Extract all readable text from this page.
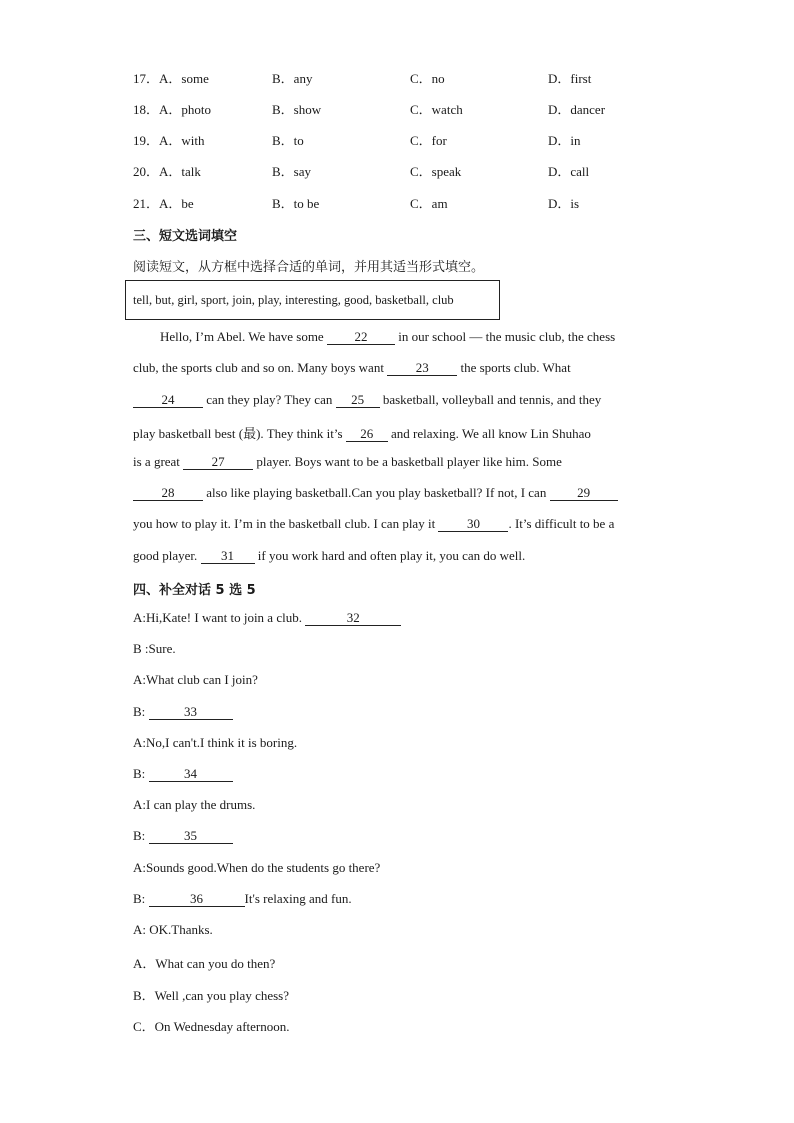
17．A．some	B．any	C．no	D．first
18．A．photo	B．show	C．watch	D．dancer
19．A．with	B．to	C．for	D．in
20．A．talk	B．say	C．speak	D．call
21．A．be	B．to be	C．am	D．is
三、短文选词填空
阅读短文，从方框中选择合适的单词，并用其适当形式填空。
tell, but, girl, sport, join, play, interesting, good, basketball, club
Hello, I’m Abel. We have some 22 in our school — the music club, the chess
club, the sports club and so on. Many boys want 23 the sports club. What
24 can they play? They can 25 basketball, volleyball and tennis, and they
play basketball best (最). They think it’s 26 and relaxing. We all know Lin Shuhao
is a great 27 player. Boys want to be a basketball player like him. Some
28 also like playing basketball.Can you play basketball? If not, I can 29
you how to play it. I’m in the basketball club. I can play it 30 . It’s difficult to be a
good player. 31 if you work hard and often play it, you can do well.
四、补全对话 5 选 5
A:Hi,Kate! I want to join a club.	32
B :Sure.
A:What club can I join?
B:	33
A:No,I can't.I think it is boring.
B:	34
A:I can play the drums.
B:	35
A:Sounds good.When do the students go there?
B:	36	It's relaxing and fun.
A: OK.Thanks.
A．What can you do then?
B．Well ,can you play chess?
C．On Wednesday afternoon.
